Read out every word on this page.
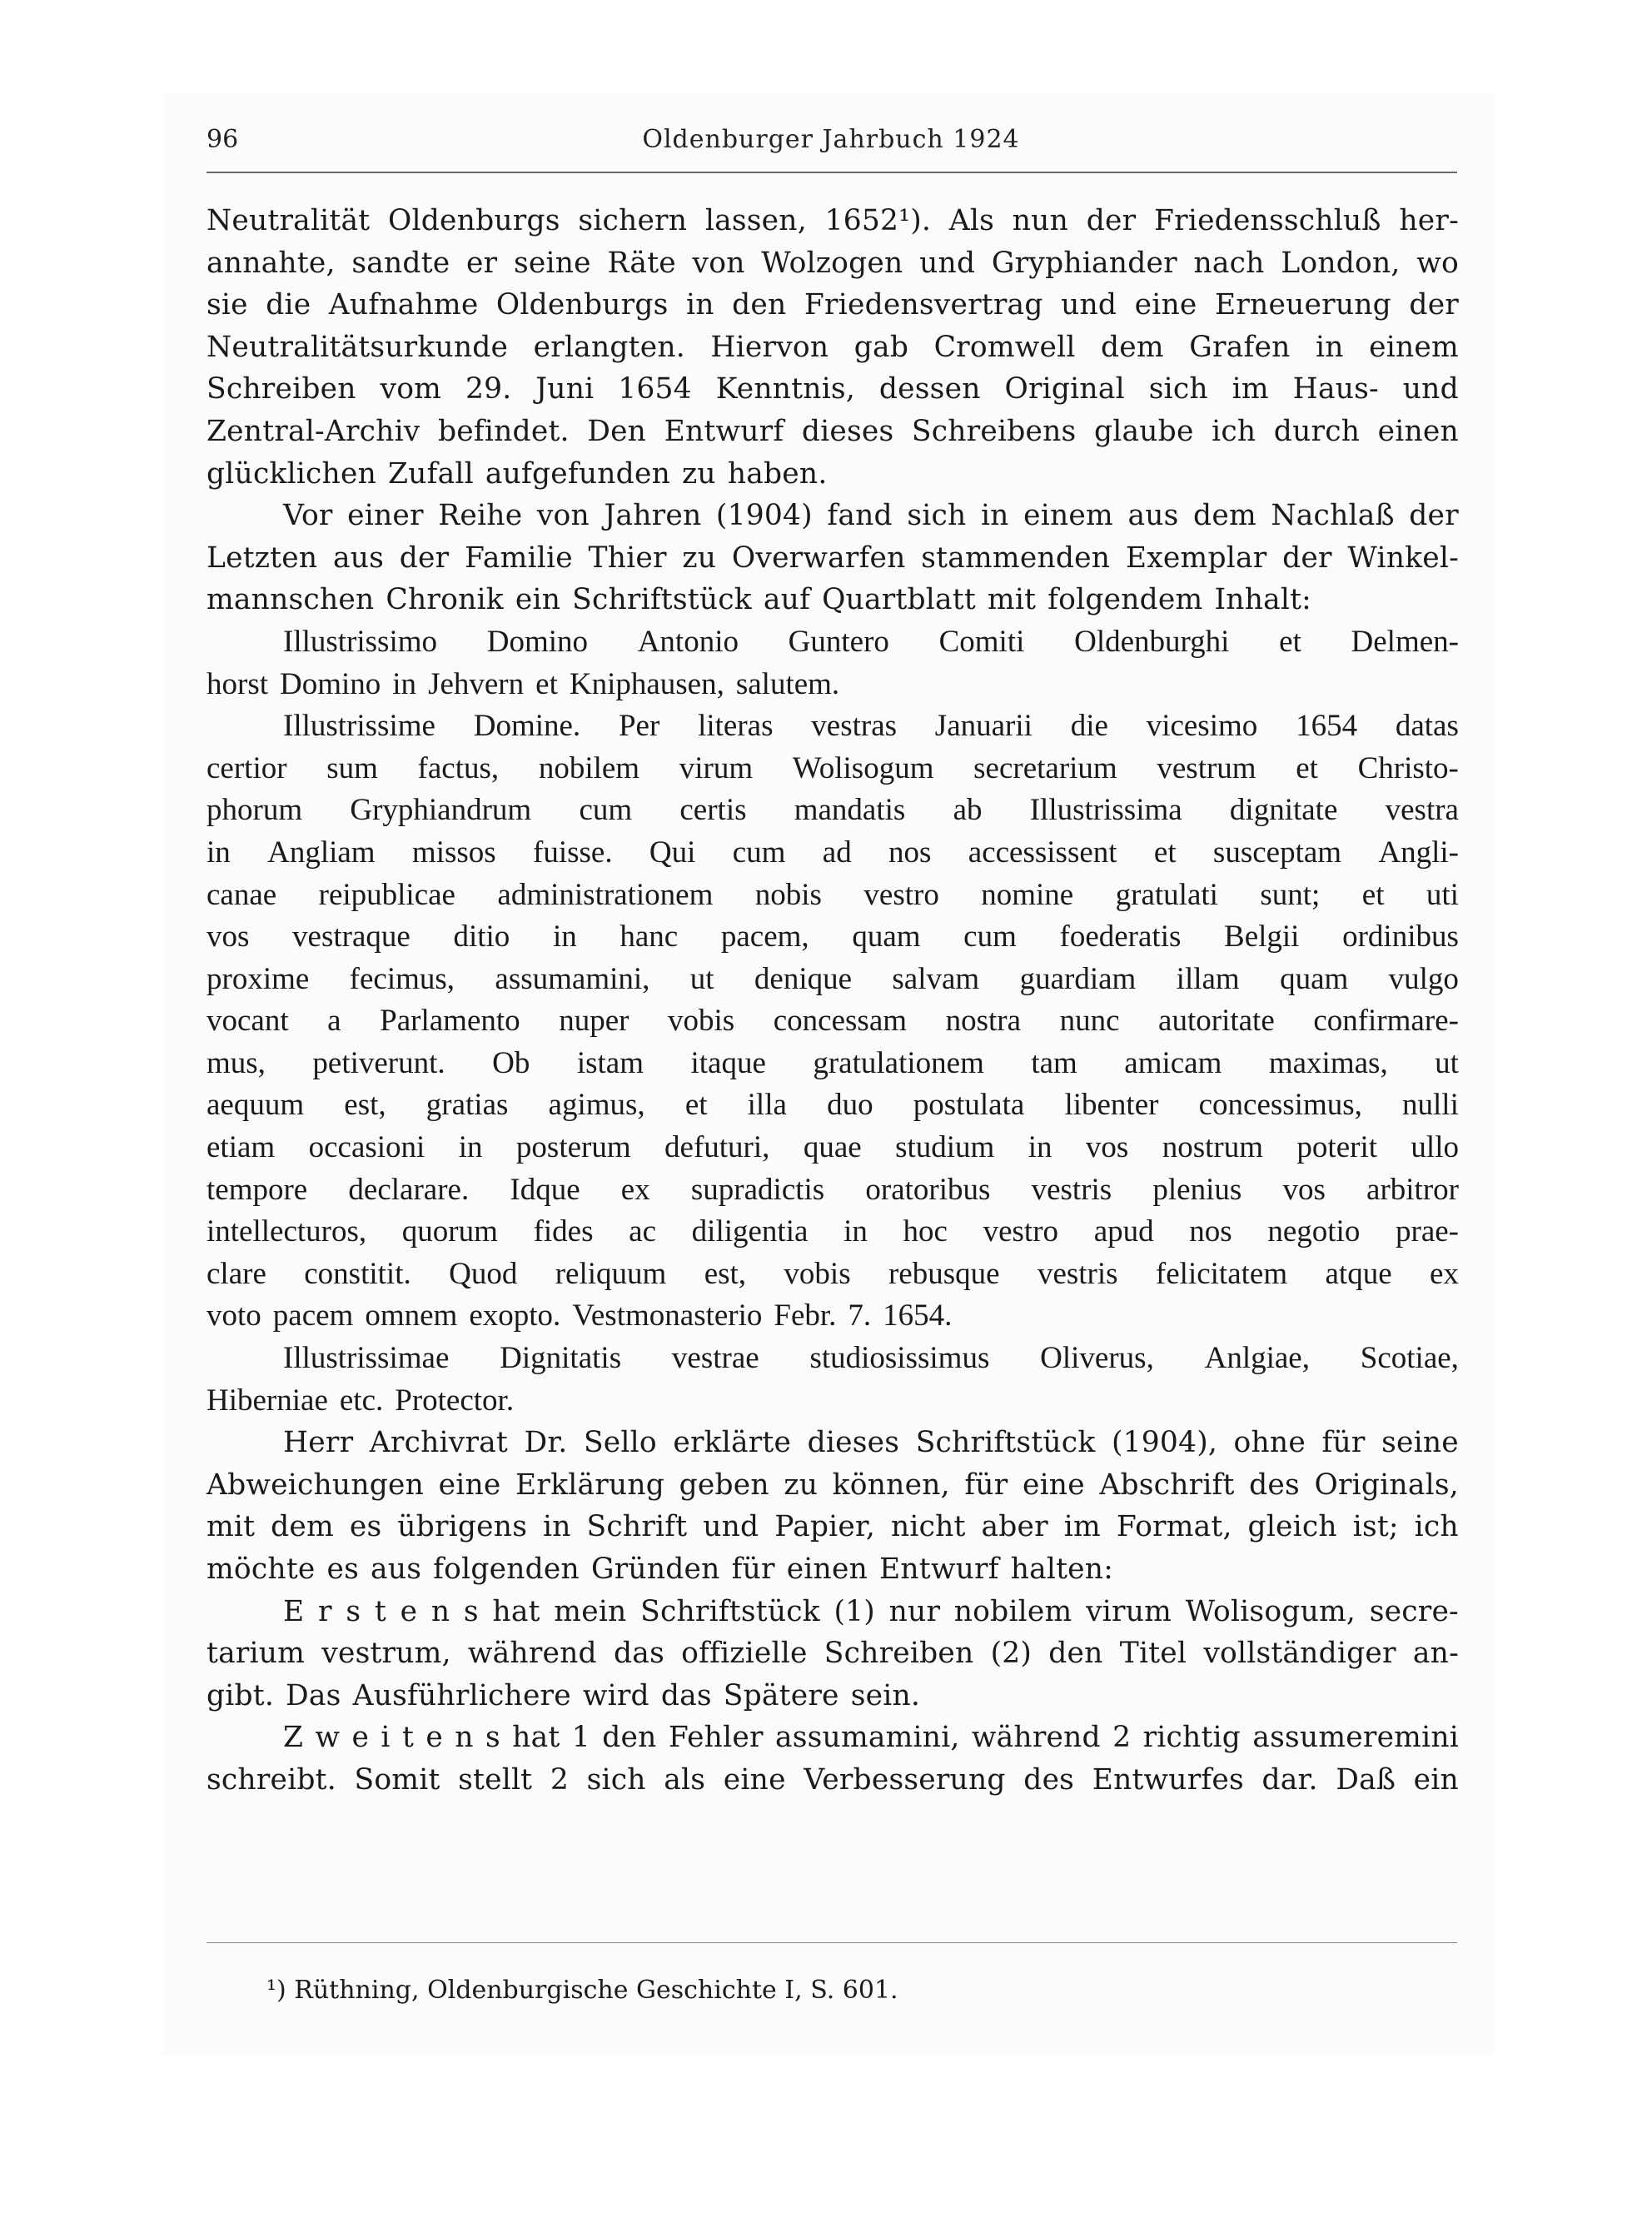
96	Oldenburger Jahrbuch 1924
Neutralität Oldenburgs sichern lassen, 1652¹). Als nun der Friedensschluß her-
annahte, sandte er seine Räte von Wolzogen und Gryphiander nach London, wo
sie die Aufnahme Oldenburgs in den Friedensvertrag und eine Erneuerung der
Neutralitätsurkunde erlangten. Hiervon gab Cromwell dem Grafen in einem
Schreiben vom 29. Juni 1654 Kenntnis, dessen Original sich im Haus- und
Zentral-Archiv befindet. Den Entwurf dieses Schreibens glaube ich durch einen
glücklichen Zufall aufgefunden zu haben.
Vor einer Reihe von Jahren (1904) fand sich in einem aus dem Nachlaß der
Letzten aus der Familie Thier zu Overwarfen stammenden Exemplar der Winkel-
mannschen Chronik ein Schriftstück auf Quartblatt mit folgendem Inhalt:
Illustrissimo Domino Antonio Guntero Comiti Oldenburghi et Delmen-
horst Domino in Jehvern et Kniphausen, salutem.
Illustrissime Domine. Per literas vestras Januarii die vicesimo 1654 datas
certior sum factus, nobilem virum Wolisogum secretarium vestrum et Christo-
phorum Gryphiandrum cum certis mandatis ab Illustrissima dignitate vestra
in Angliam missos fuisse. Qui cum ad nos accessissent et susceptam Angli-
canae reipublicae administrationem nobis vestro nomine gratulati sunt; et uti
vos vestraque ditio in hanc pacem, quam cum foederatis Belgii ordinibus
proxime fecimus, assumamini, ut denique salvam guardiam illam quam vulgo
vocant a Parlamento nuper vobis concessam nostra nunc autoritate confirmare-
mus, petiverunt. Ob istam itaque gratulationem tam amicam maximas, ut
aequum est, gratias agimus, et illa duo postulata libenter concessimus, nulli
etiam occasioni in posterum defuturi, quae studium in vos nostrum poterit ullo
tempore declarare. Idque ex supradictis oratoribus vestris plenius vos arbitror
intellecturos, quorum fides ac diligentia in hoc vestro apud nos negotio prae-
clare constitit. Quod reliquum est, vobis rebusque vestris felicitatem atque ex
voto pacem omnem exopto. Vestmonasterio Febr. 7. 1654.
Illustrissimae Dignitatis vestrae studiosissimus Oliverus, Anlgiae, Scotiae,
Hiberniae etc. Protector.
Herr Archivrat Dr. Sello erklärte dieses Schriftstück (1904), ohne für seine
Abweichungen eine Erklärung geben zu können, für eine Abschrift des Originals,
mit dem es übrigens in Schrift und Papier, nicht aber im Format, gleich ist; ich
möchte es aus folgenden Gründen für einen Entwurf halten:
E r s t e n s hat mein Schriftstück (1) nur nobilem virum Wolisogum, secre-
tarium vestrum, während das offizielle Schreiben (2) den Titel vollständiger an-
gibt. Das Ausführlichere wird das Spätere sein.
Z w e i t e n s hat 1 den Fehler assumamini, während 2 richtig assumeremini
schreibt. Somit stellt 2 sich als eine Verbesserung des Entwurfes dar. Daß ein
¹) Rüthning, Oldenburgische Geschichte I, S. 601.
